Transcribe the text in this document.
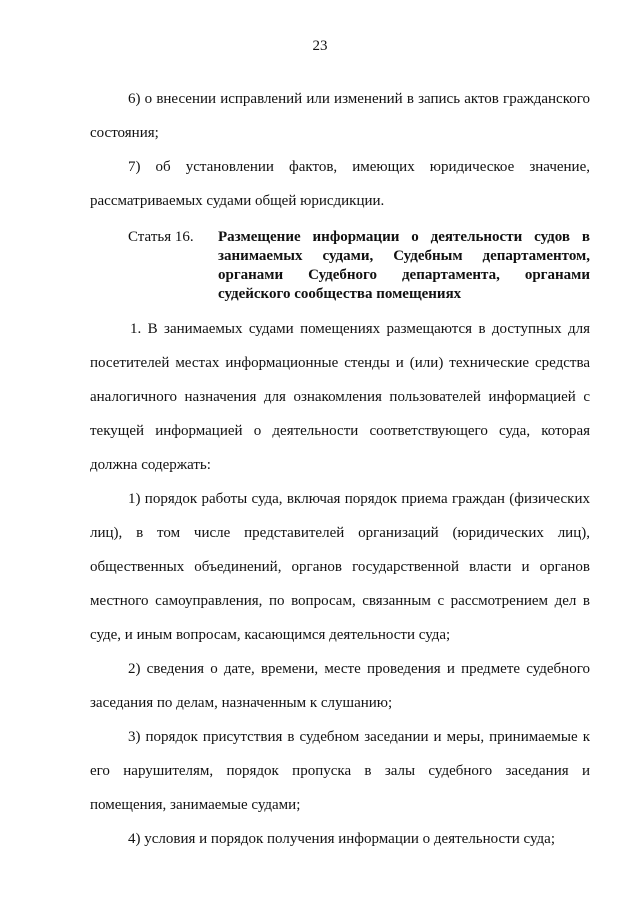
23
6) о внесении исправлений или изменений в запись актов гражданского
состояния;
7) об установлении фактов, имеющих юридическое значение,
рассматриваемых судами общей юрисдикции.
Статья 16.	Размещение информации о деятельности судов в
занимаемых судами, Судебным департаментом,
органами Судебного департамента, органами
судейского сообщества помещениях
1. В занимаемых судами помещениях размещаются в доступных для
посетителей местах информационные стенды и (или) технические средства
аналогичного назначения для ознакомления пользователей информацией с
текущей информацией о деятельности соответствующего суда, которая
должна содержать:
1) порядок работы суда, включая порядок приема граждан (физических
лиц), в том числе представителей организаций (юридических лиц),
общественных объединений, органов государственной власти и органов
местного самоуправления, по вопросам, связанным с рассмотрением дел в
суде, и иным вопросам, касающимся деятельности суда;
2) сведения о дате, времени, месте проведения и предмете судебного
заседания по делам, назначенным к слушанию;
3) порядок присутствия в судебном заседании и меры, принимаемые к
его нарушителям, порядок пропуска в залы судебного заседания и
помещения, занимаемые судами;
4) условия и порядок получения информации о деятельности суда;
